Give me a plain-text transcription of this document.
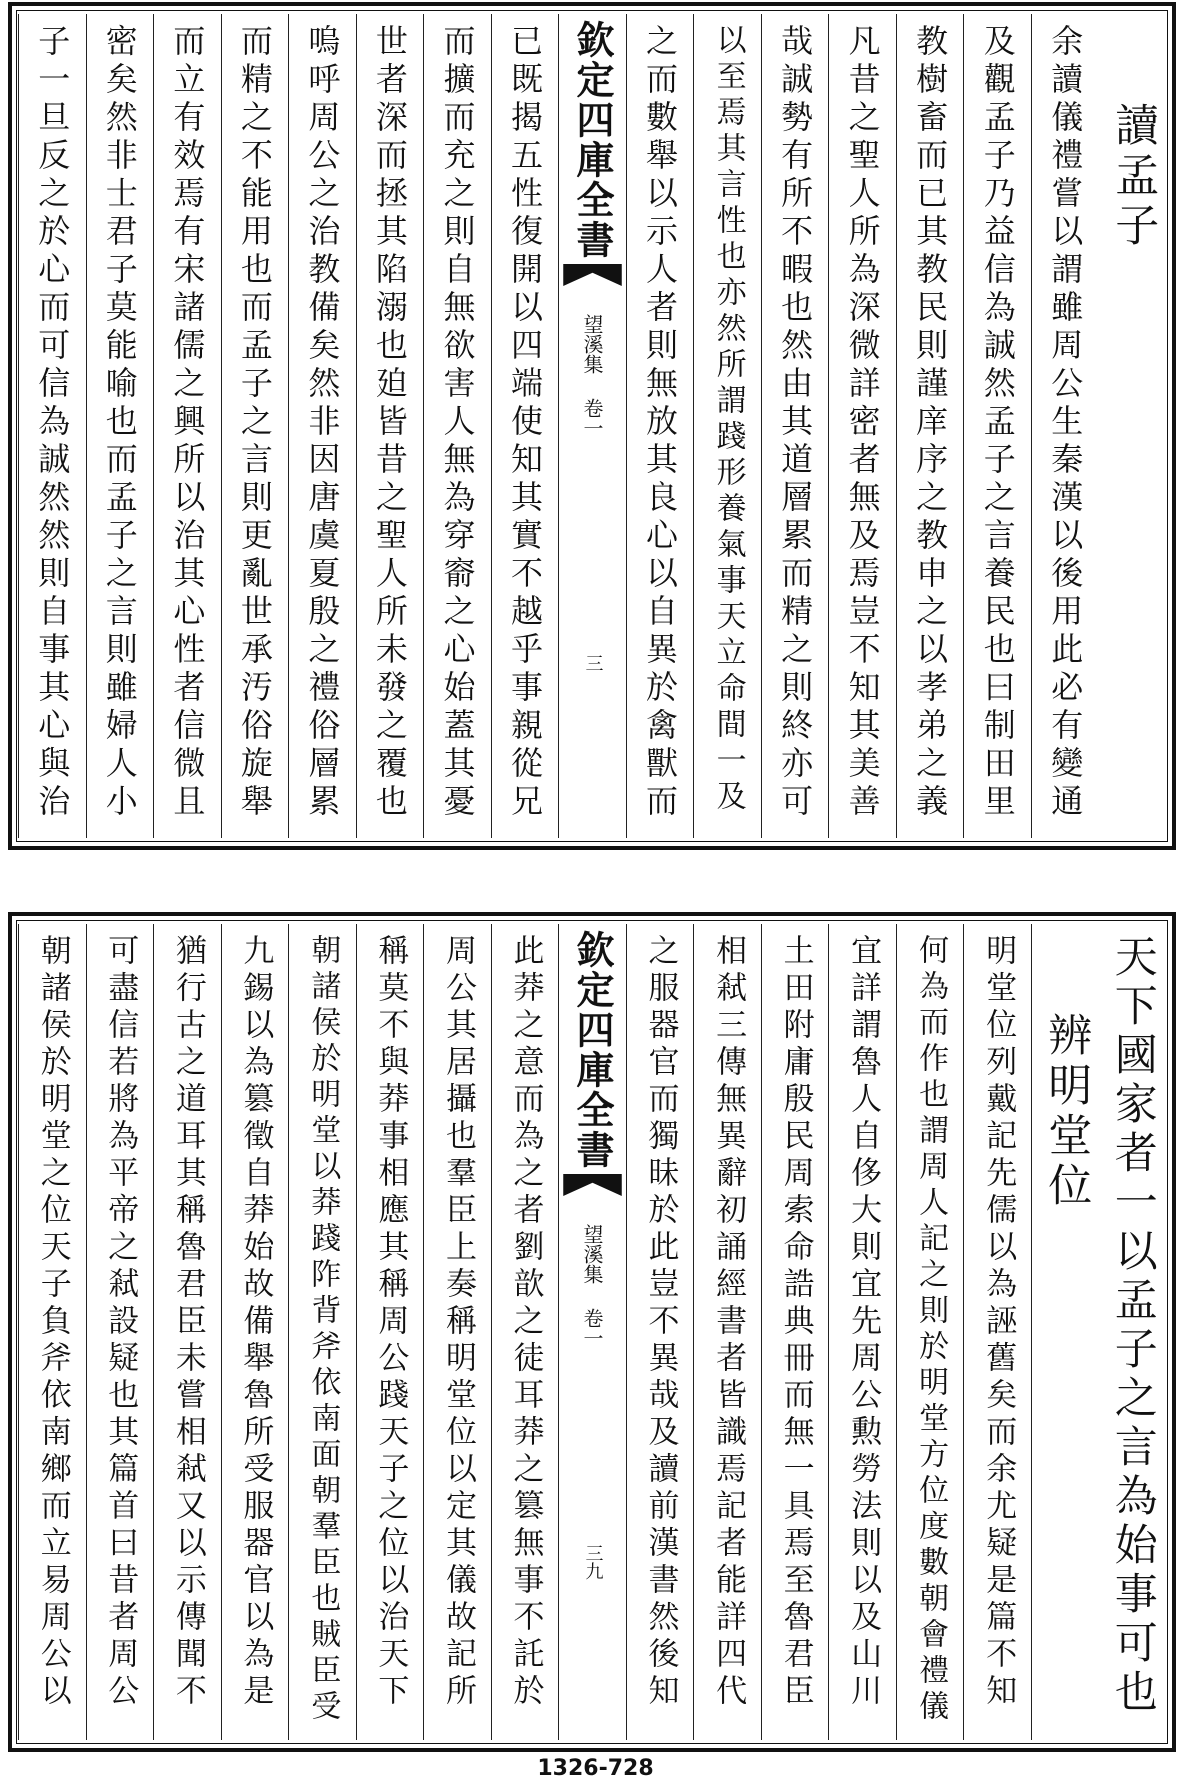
讀孟子
余讀儀禮嘗以謂雖周公生秦漢以後用此必有變通
及觀孟子乃益信為誠然孟子之言養民也曰制田里
教樹畜而已其教民則謹庠序之教申之以孝弟之義
凡昔之聖人所為深微詳密者無及焉豈不知其美善
哉誠勢有所不暇也然由其道層累而精之則終亦可
以至焉其言性也亦然所謂踐形養氣事天立命間一及
之而數舉以示人者則無放其良心以自異於禽獸而
欽定四庫全書
望溪集 卷一
三
已既揭五性復開以四端使知其實不越乎事親從兄
而擴而充之則自無欲害人無為穿窬之心始蓋其憂
世者深而拯其陷溺也廹皆昔之聖人所未發之覆也
嗚呼周公之治教備矣然非因唐虞夏殷之禮俗層累
而精之不能用也而孟子之言則更亂世承汚俗旋舉
而立有效焉有宋諸儒之興所以治其心性者信微且
密矣然非士君子莫能喻也而孟子之言則雖婦人小
子一旦反之於心而可信為誠然然則自事其心與治
天下國家者一以孟子之言為始事可也
辨明堂位
明堂位列戴記先儒以為誣舊矣而余尤疑是篇不知
何為而作也謂周人記之則於明堂方位度數朝會禮儀
宜詳謂魯人自侈大則宜先周公勲勞法則以及山川
土田附庸殷民周索命誥典冊而無一具焉至魯君臣
相弒三傳無異辭初誦經書者皆識焉記者能詳四代
之服器官而獨昧於此豈不異哉及讀前漢書然後知
欽定四庫全書
望溪集 卷一
三九
此莽之意而為之者劉歆之徒耳莽之篡無事不託於
周公其居攝也羣臣上奏稱明堂位以定其儀故記所
稱莫不與莽事相應其稱周公踐天子之位以治天下
朝諸侯於明堂以莽踐阼背斧依南面朝羣臣也賊臣受
九錫以為篡徵自莽始故備舉魯所受服器官以為是
猶行古之道耳其稱魯君臣未嘗相弒又以示傳聞不
可盡信若將為平帝之弒設疑也其篇首曰昔者周公
朝諸侯於明堂之位天子負斧依南鄉而立易周公以
1326-728
